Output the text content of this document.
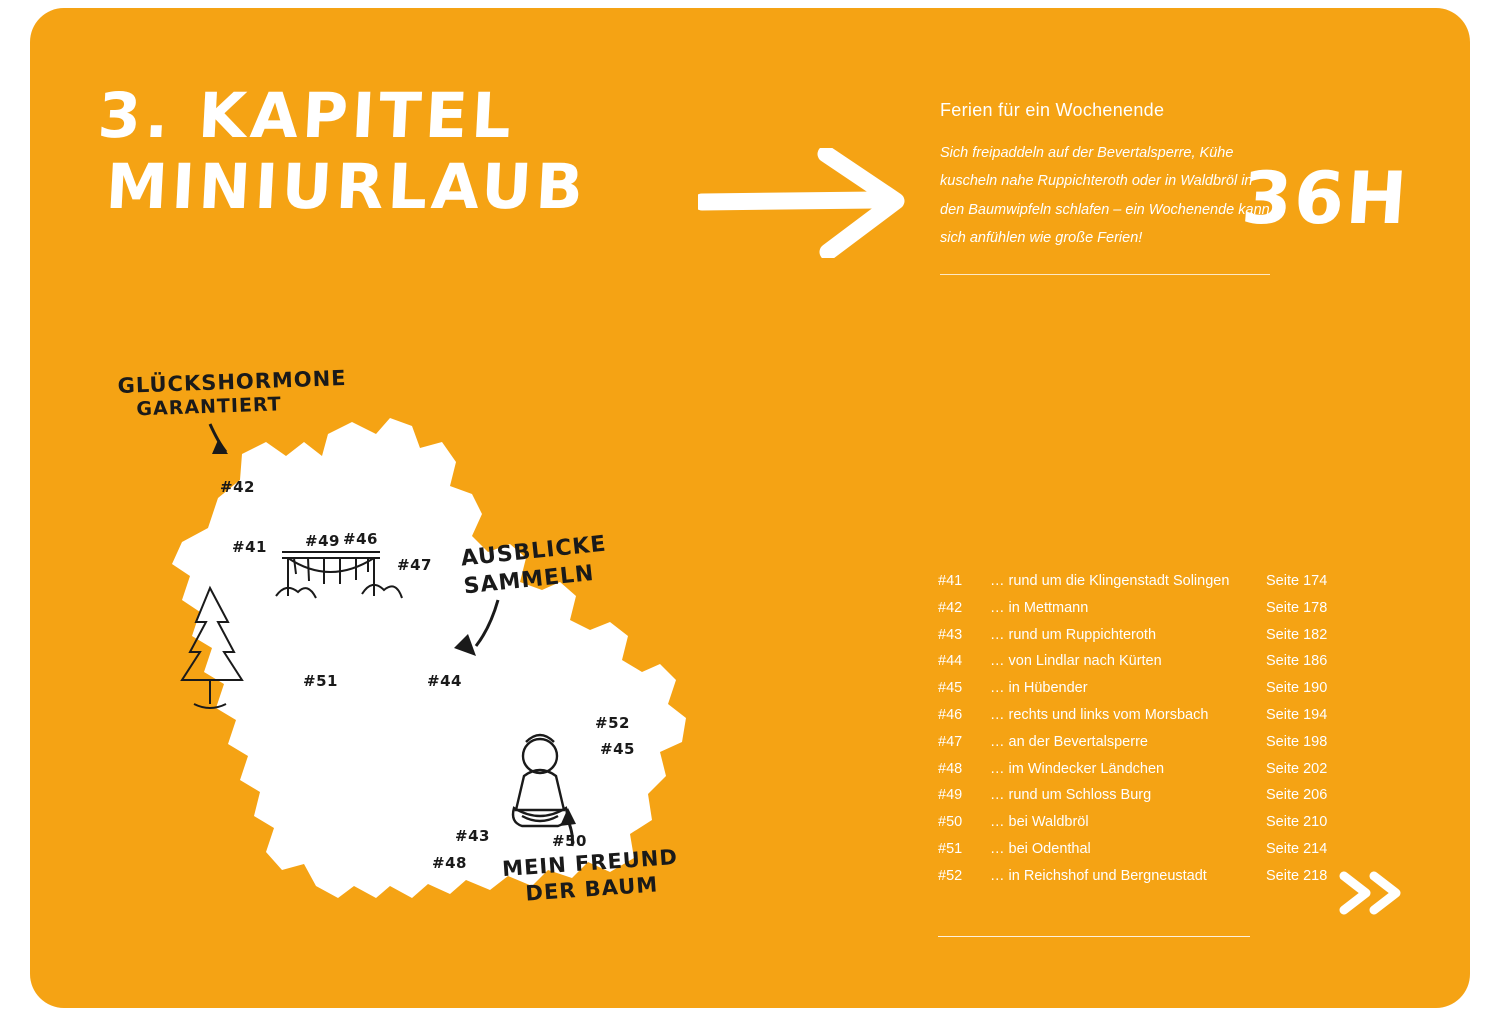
3. KAPITEL
MINIURLAUB
Ferien für ein Wochenende
Sich freipaddeln auf der Bevertalsperre, Kühe kuscheln nahe Ruppichteroth oder in Waldbröl in den Baumwipfeln schlafen – ein Wochenende kann sich anfühlen wie große Ferien!	36H
GLÜCKSHORMONE
GARANTIERT
AUSBLICKE
SAMMELN
MEIN FREUND
DER BAUM
#42
#41	#49 #46
#47
#51	#44
#52
#45
#50
#43
#48
#41	… rund um die Klingenstadt Solingen	Seite 174
#42	… in Mettmann	Seite 178
#43	… rund um Ruppichteroth	Seite 182
#44	… von Lindlar nach Kürten	Seite 186
#45	… in Hübender	Seite 190
#46	… rechts und links vom Morsbach	Seite 194
#47	… an der Bevertalsperre	Seite 198
#48	… im Windecker Ländchen	Seite 202
#49	… rund um Schloss Burg	Seite 206
#50	… bei Waldbröl	Seite 210
#51	… bei Odenthal	Seite 214
#52	… in Reichshof und Bergneustadt	Seite 218
